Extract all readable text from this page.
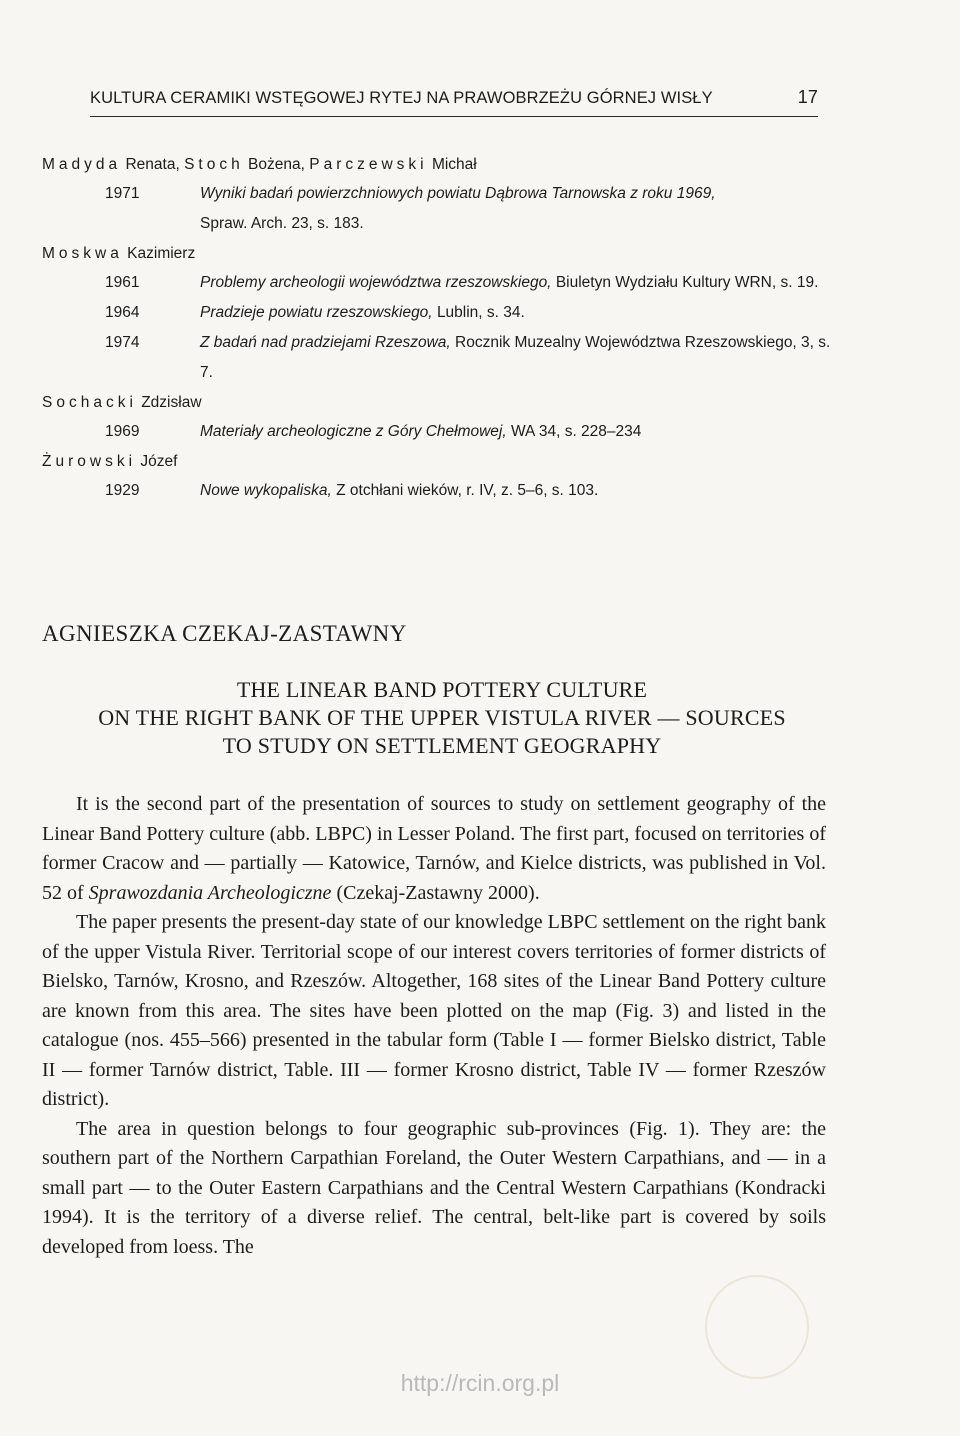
KULTURA CERAMIKI WSTĘGOWEJ RYTEJ NA PRAWOBRZEŻU GÓRNEJ WISŁY	17
Madyda Renata, Stoch Bożena, Parczewski Michał
1971	Wyniki badań powierzchniowych powiatu Dąbrowa Tarnowska z roku 1969,
Spraw. Arch. 23, s. 183.
Moskwa Kazimierz
1961	Problemy archeologii województwa rzeszowskiego, Biuletyn Wydziału Kultury WRN, s. 19.
1964	Pradzieje powiatu rzeszowskiego, Lublin, s. 34.
1974	Z badań nad pradziejami Rzeszowa, Rocznik Muzealny Województwa Rzeszowskiego, 3, s. 7.
Sochacki Zdzisław
1969	Materiały archeologiczne z Góry Chełmowej, WA 34, s. 228–234
Żurowski Józef
1929	Nowe wykopaliska, Z otchłani wieków, r. IV, z. 5–6, s. 103.
AGNIESZKA CZEKAJ-ZASTAWNY
THE LINEAR BAND POTTERY CULTURE
ON THE RIGHT BANK OF THE UPPER VISTULA RIVER — SOURCES
TO STUDY ON SETTLEMENT GEOGRAPHY

It is the second part of the presentation of sources to study on settlement geography of the Linear Band Pottery culture (abb. LBPC) in Lesser Poland. The first part, focused on territories of former Cracow and — partially — Katowice, Tarnów, and Kielce districts, was published in Vol. 52 of Sprawozdania Archeologiczne (Czekaj-Zastawny 2000).

The paper presents the present-day state of our knowledge LBPC settlement on the right bank of the upper Vistula River. Territorial scope of our interest covers territories of former districts of Bielsko, Tarnów, Krosno, and Rzeszów. Altogether, 168 sites of the Linear Band Pottery culture are known from this area. The sites have been plotted on the map (Fig. 3) and listed in the catalogue (nos. 455–566) presented in the tabular form (Table I — former Bielsko district, Table II — former Tarnów district, Table. III — former Krosno district, Table IV — former Rzeszów district).

The area in question belongs to four geographic sub-provinces (Fig. 1). They are: the southern part of the Northern Carpathian Foreland, the Outer Western Carpathians, and — in a small part — to the Outer Eastern Carpathians and the Central Western Carpathians (Kondracki 1994). It is the territory of a diverse relief. The central, belt-like part is covered by soils developed from loess. The

http://rcin.org.pl
